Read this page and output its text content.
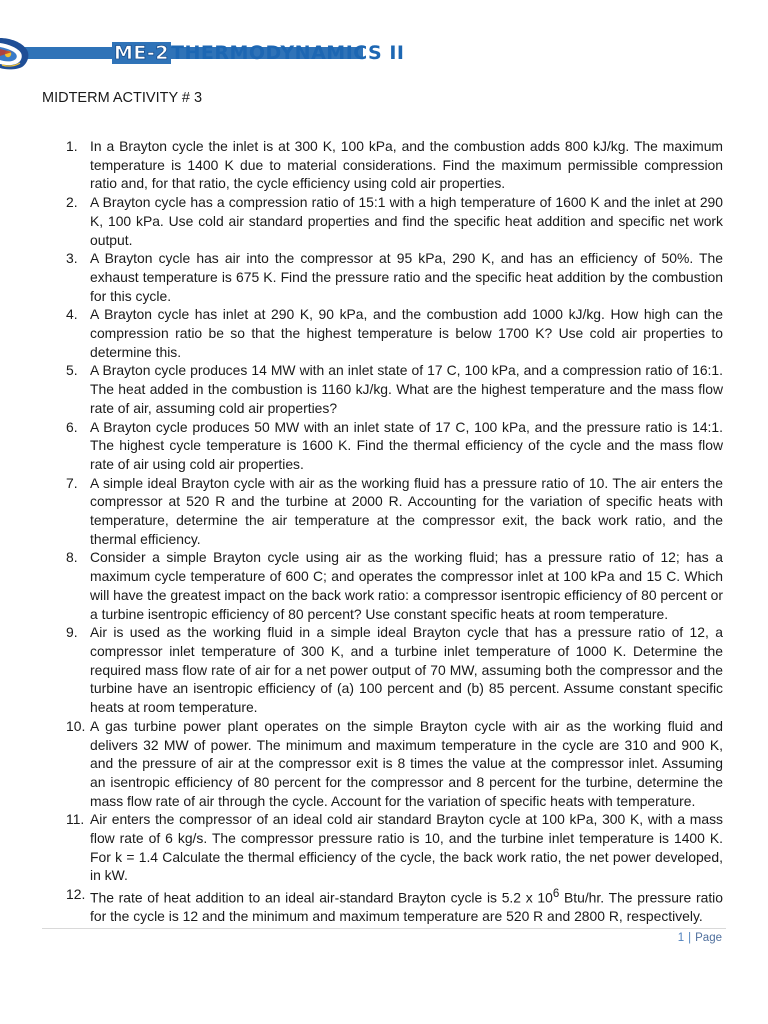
ME-2 THERMODYNAMICS II
MIDTERM ACTIVITY # 3
1. In a Brayton cycle the inlet is at 300 K, 100 kPa, and the combustion adds 800 kJ/kg. The maximum temperature is 1400 K due to material considerations. Find the maximum permissible compression ratio and, for that ratio, the cycle efficiency using cold air properties.
2. A Brayton cycle has a compression ratio of 15:1 with a high temperature of 1600 K and the inlet at 290 K, 100 kPa. Use cold air standard properties and find the specific heat addition and specific net work output.
3. A Brayton cycle has air into the compressor at 95 kPa, 290 K, and has an efficiency of 50%. The exhaust temperature is 675 K. Find the pressure ratio and the specific heat addition by the combustion for this cycle.
4. A Brayton cycle has inlet at 290 K, 90 kPa, and the combustion add 1000 kJ/kg. How high can the compression ratio be so that the highest temperature is below 1700 K? Use cold air properties to determine this.
5. A Brayton cycle produces 14 MW with an inlet state of 17 C, 100 kPa, and a compression ratio of 16:1. The heat added in the combustion is 1160 kJ/kg. What are the highest temperature and the mass flow rate of air, assuming cold air properties?
6. A Brayton cycle produces 50 MW with an inlet state of 17 C, 100 kPa, and the pressure ratio is 14:1. The highest cycle temperature is 1600 K. Find the thermal efficiency of the cycle and the mass flow rate of air using cold air properties.
7. A simple ideal Brayton cycle with air as the working fluid has a pressure ratio of 10. The air enters the compressor at 520 R and the turbine at 2000 R. Accounting for the variation of specific heats with temperature, determine the air temperature at the compressor exit, the back work ratio, and the thermal efficiency.
8. Consider a simple Brayton cycle using air as the working fluid; has a pressure ratio of 12; has a maximum cycle temperature of 600 C; and operates the compressor inlet at 100 kPa and 15 C. Which will have the greatest impact on the back work ratio: a compressor isentropic efficiency of 80 percent or a turbine isentropic efficiency of 80 percent? Use constant specific heats at room temperature.
9. Air is used as the working fluid in a simple ideal Brayton cycle that has a pressure ratio of 12, a compressor inlet temperature of 300 K, and a turbine inlet temperature of 1000 K. Determine the required mass flow rate of air for a net power output of 70 MW, assuming both the compressor and the turbine have an isentropic efficiency of (a) 100 percent and (b) 85 percent. Assume constant specific heats at room temperature.
10. A gas turbine power plant operates on the simple Brayton cycle with air as the working fluid and delivers 32 MW of power. The minimum and maximum temperature in the cycle are 310 and 900 K, and the pressure of air at the compressor exit is 8 times the value at the compressor inlet. Assuming an isentropic efficiency of 80 percent for the compressor and 8 percent for the turbine, determine the mass flow rate of air through the cycle. Account for the variation of specific heats with temperature.
11. Air enters the compressor of an ideal cold air standard Brayton cycle at 100 kPa, 300 K, with a mass flow rate of 6 kg/s. The compressor pressure ratio is 10, and the turbine inlet temperature is 1400 K. For k = 1.4 Calculate the thermal efficiency of the cycle, the back work ratio, the net power developed, in kW.
12. The rate of heat addition to an ideal air-standard Brayton cycle is 5.2 x $10^6$ Btu/hr. The pressure ratio for the cycle is 12 and the minimum and maximum temperature are 520 R and 2800 R, respectively.
1 | Page
